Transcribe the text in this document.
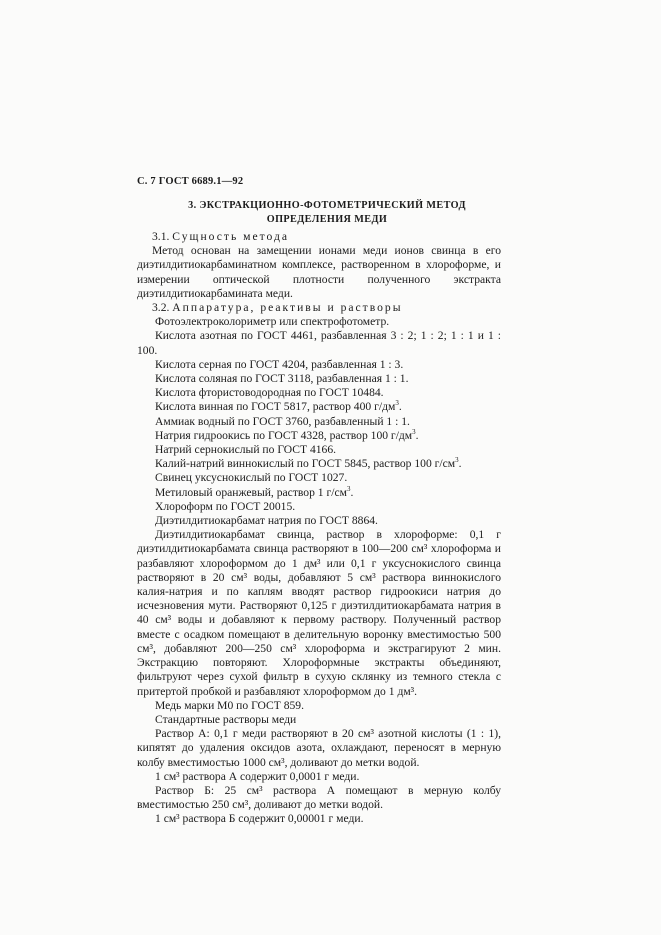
С. 7 ГОСТ 6689.1—92
3. ЭКСТРАКЦИОННО-ФОТОМЕТРИЧЕСКИЙ МЕТОД
ОПРЕДЕЛЕНИЯ МЕДИ

3.1. Сущность метода

Метод основан на замещении ионами меди ионов свинца в его диэтилдитиокарбаминатном комплексе, растворенном в хлороформе, и измерении оптической плотности полученного экстракта диэтилдитиокарбамината меди.

3.2. Аппаратура, реактивы и растворы

Фотоэлектроколориметр или спектрофотометр.

Кислота азотная по ГОСТ 4461, разбавленная 3 : 2; 1 : 2; 1 : 1 и 1 : 100.

Кислота серная по ГОСТ 4204, разбавленная 1 : 3.

Кислота соляная по ГОСТ 3118, разбавленная 1 : 1.

Кислота фтористоводородная по ГОСТ 10484.

Кислота винная по ГОСТ 5817, раствор 400 $г/дм^3$.

Аммиак водный по ГОСТ 3760, разбавленный 1 : 1.

Натрия гидроокись по ГОСТ 4328, раствор 100 $г/дм^3$.

Натрий сернокислый по ГОСТ 4166.

Калий-натрий виннокислый по ГОСТ 5845, раствор 100 $г/см^3$.

Свинец уксуснокислый по ГОСТ 1027.

Метиловый оранжевый, раствор 1 $г/см^3$.

Хлороформ по ГОСТ 20015.

Диэтилдитиокарбамат натрия по ГОСТ 8864.

Диэтилдитиокарбамат свинца, раствор в хлороформе: 0,1 г диэтилдитиокарбамата свинца растворяют в 100—200 см³ хлороформа и разбавляют хлороформом до 1 дм³ или 0,1 г уксуснокислого свинца растворяют в 20 см³ воды, добавляют 5 см³ раствора виннокислого калия-натрия и по каплям вводят раствор гидроокиси натрия до исчезновения мути. Растворяют 0,125 г диэтилдитиокарбамата натрия в 40 см³ воды и добавляют к первому раствору. Полученный раствор вместе с осадком помещают в делительную воронку вместимостью 500 см³, добавляют 200—250 см³ хлороформа и экстрагируют 2 мин. Экстракцию повторяют. Хлороформные экстракты объединяют, фильтруют через сухой фильтр в сухую склянку из темного стекла с притертой пробкой и разбавляют хлороформом до 1 дм³.

Медь марки М0 по ГОСТ 859.

Стандартные растворы меди

Раствор А: 0,1 г меди растворяют в 20 см³ азотной кислоты (1 : 1), кипятят до удаления оксидов азота, охлаждают, переносят в мерную колбу вместимостью 1000 см³, доливают до метки водой.

1 см³ раствора А содержит 0,0001 г меди.

Раствор Б: 25 см³ раствора А помещают в мерную колбу вместимостью 250 см³, доливают до метки водой.

1 см³ раствора Б содержит 0,00001 г меди.
